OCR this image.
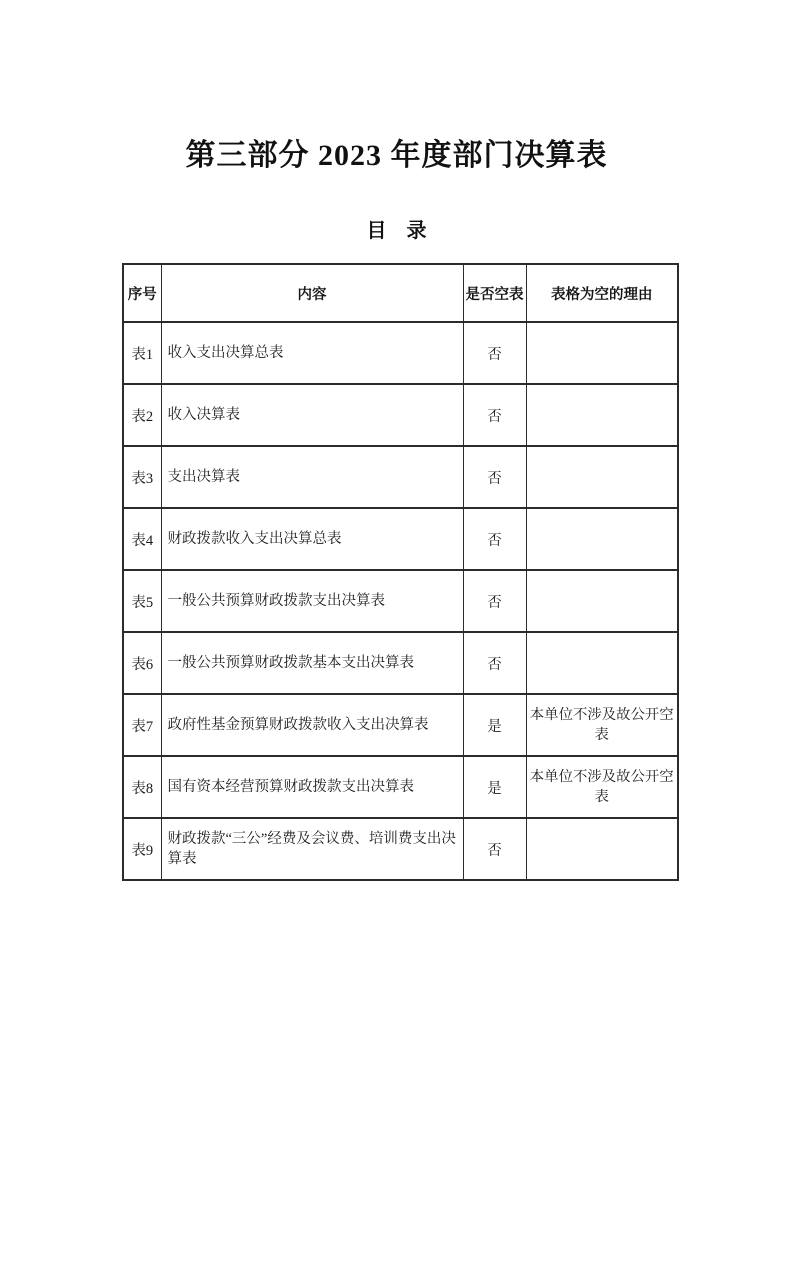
第三部分 2023 年度部门决算表
目　录
序号	内容	是否空表	表格为空的理由
表1	收入支出决算总表	否	
表2	收入决算表	否	
表3	支出决算表	否	
表4	财政拨款收入支出决算总表	否	
表5	一般公共预算财政拨款支出决算表	否	
表6	一般公共预算财政拨款基本支出决算表	否	
表7	政府性基金预算财政拨款收入支出决算表	是	本单位不涉及故公开空表
表8	国有资本经营预算财政拨款支出决算表	是	本单位不涉及故公开空表
表9	财政拨款“三公”经费及会议费、培训费支出决算表	否	
